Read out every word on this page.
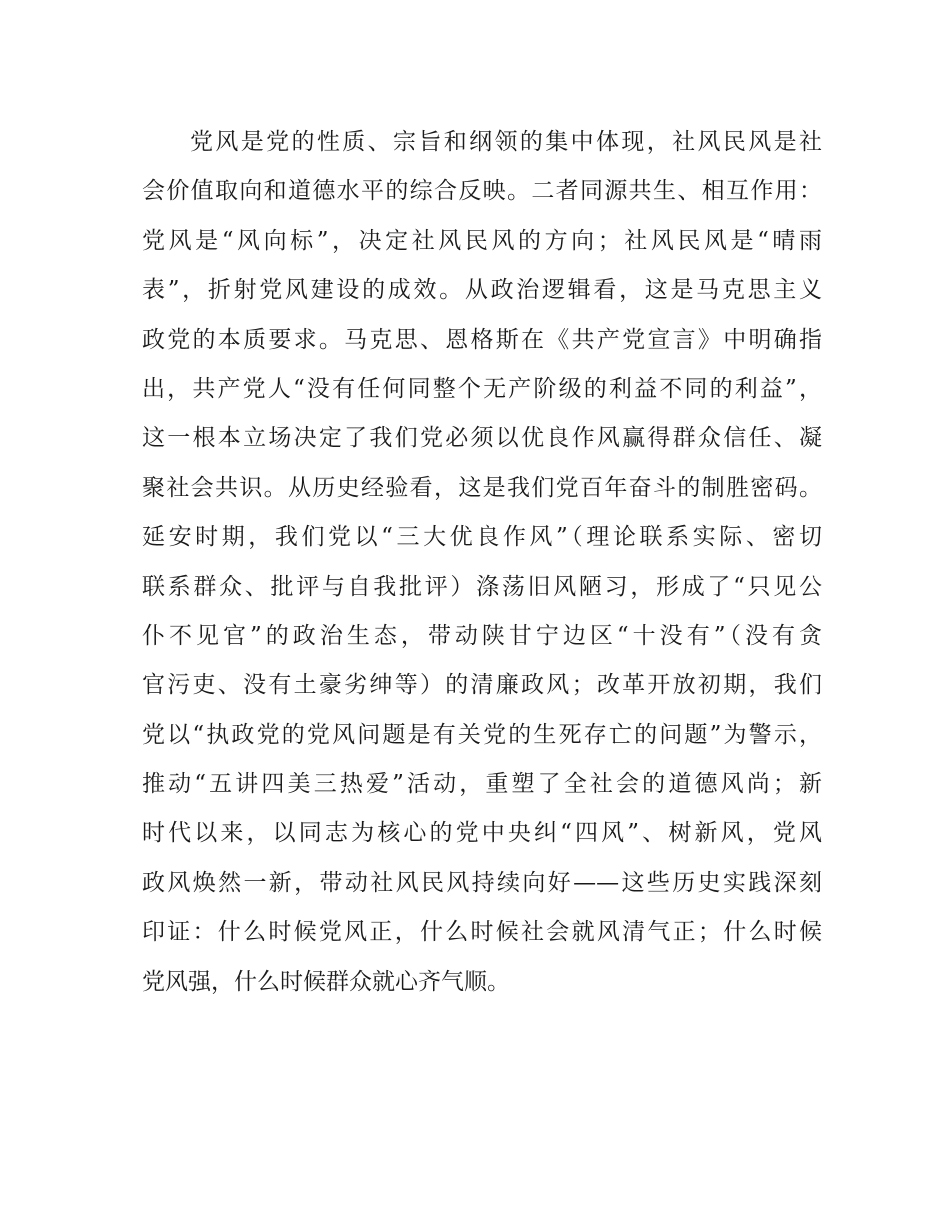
党风是党的性质、宗旨和纲领的集中体现，社风民风是社
会价值取向和道德水平的综合反映。二者同源共生、相互作用：
党风是“风向标”，决定社风民风的方向；社风民风是“晴雨
表”，折射党风建设的成效。从政治逻辑看，这是马克思主义
政党的本质要求。马克思、恩格斯在《共产党宣言》中明确指
出，共产党人“没有任何同整个无产阶级的利益不同的利益”，
这一根本立场决定了我们党必须以优良作风赢得群众信任、凝
聚社会共识。从历史经验看，这是我们党百年奋斗的制胜密码。
延安时期，我们党以“三大优良作风”（理论联系实际、密切
联系群众、批评与自我批评）涤荡旧风陋习，形成了“只见公
仆不见官”的政治生态，带动陕甘宁边区“十没有”（没有贪
官污吏、没有土豪劣绅等）的清廉政风；改革开放初期，我们
党以“执政党的党风问题是有关党的生死存亡的问题”为警示，
推动“五讲四美三热爱”活动，重塑了全社会的道德风尚；新
时代以来，以同志为核心的党中央纠“四风”、树新风，党风
政风焕然一新，带动社风民风持续向好——这些历史实践深刻
印证：什么时候党风正，什么时候社会就风清气正；什么时候
党风强，什么时候群众就心齐气顺。
